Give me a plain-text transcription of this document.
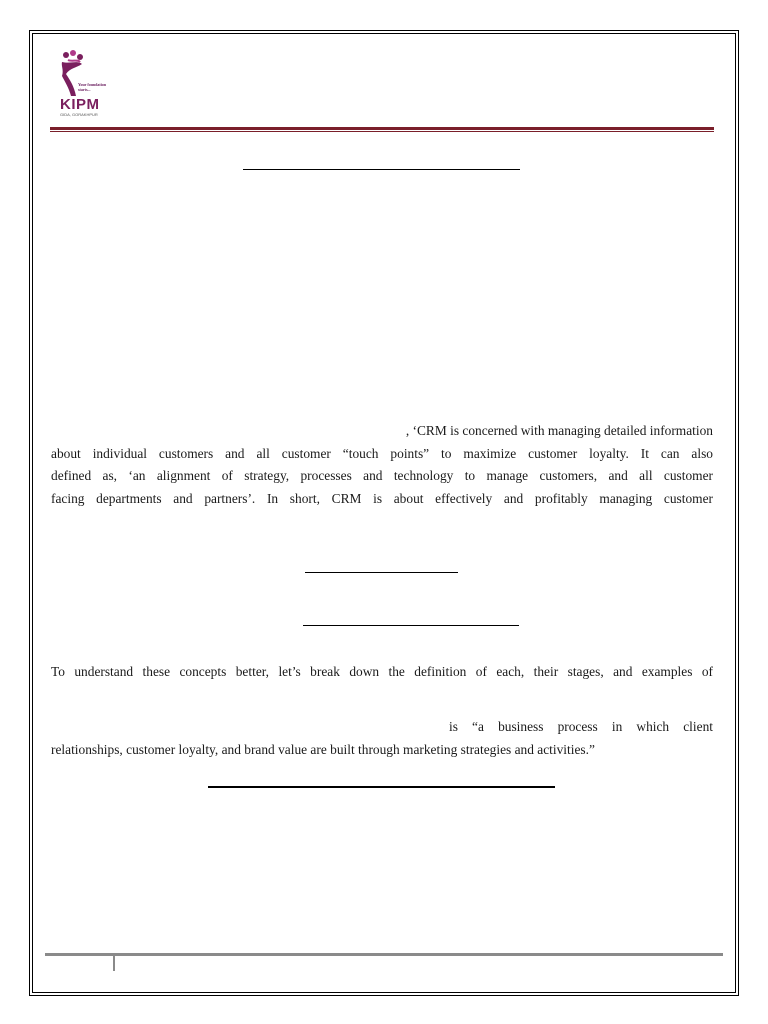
Your foundation starts...
KIPM
GIDA, GORAKHPUR
, ‘CRM is concerned with managing detailed information
about individual customers and all customer “touch points” to maximize customer loyalty. It can also
defined as, ‘an alignment of strategy, processes and technology to manage customers, and all customer
facing departments and partners’. In short, CRM is about effectively and profitably managing customer
To understand these concepts better, let’s break down the definition of each, their stages, and examples of
is “a business process in which client
relationships, customer loyalty, and brand value are built through marketing strategies and activities.”
